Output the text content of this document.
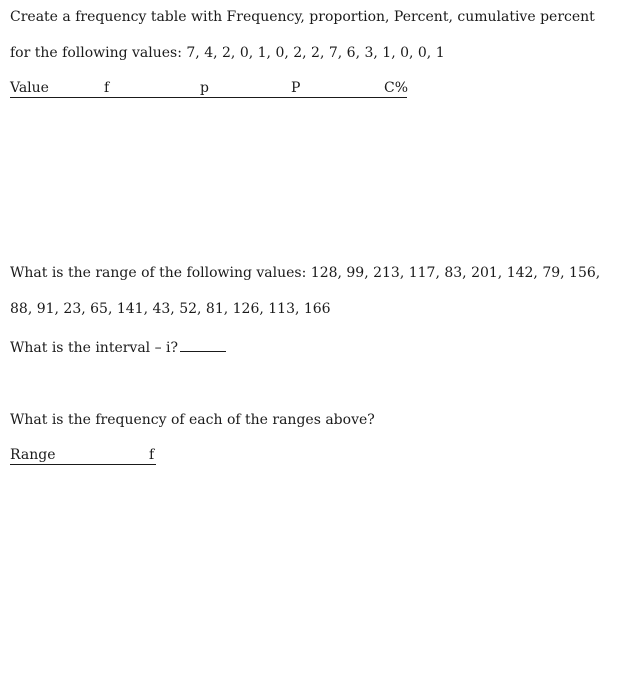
Create a frequency table with Frequency, proportion, Percent, cumulative percent
for the following values: 7, 4, 2, 0, 1, 0, 2, 2, 7, 6, 3, 1, 0, 0, 1
Value	f	p	P	C%
What is the range of the following values: 128, 99, 213, 117, 83, 201, 142, 79, 156,
88, 91, 23, 65, 141, 43, 52, 81, 126, 113, 166
What is the interval – i?
What is the frequency of each of the ranges above?
Range	f
